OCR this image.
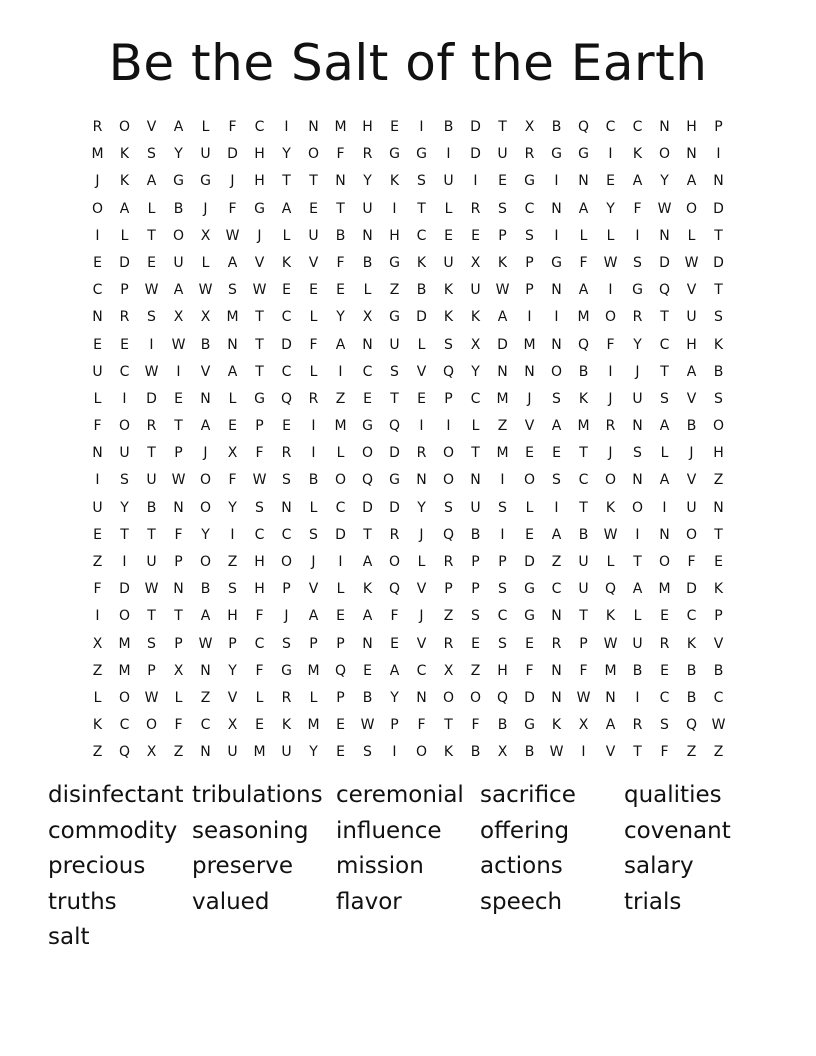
Be the Salt of the Earth
R	O	V	A	L	F	C	I	N	M	H	E	I	B	D	T	X	B	Q	C	C	N	H	P
M	K	S	Y	U	D	H	Y	O	F	R	G	G	I	D	U	R	G	G	I	K	O	N	I
J	K	A	G	G	J	H	T	T	N	Y	K	S	U	I	E	G	I	N	E	A	Y	A	N
O	A	L	B	J	F	G	A	E	T	U	I	T	L	R	S	C	N	A	Y	F	W	O	D
I	L	T	O	X	W	J	L	U	B	N	H	C	E	E	P	S	I	L	L	I	N	L	T
E	D	E	U	L	A	V	K	V	F	B	G	K	U	X	K	P	G	F	W	S	D	W	D
C	P	W	A	W	S	W	E	E	E	L	Z	B	K	U	W	P	N	A	I	G	Q	V	T
N	R	S	X	X	M	T	C	L	Y	X	G	D	K	K	A	I	I	M	O	R	T	U	S
E	E	I	W	B	N	T	D	F	A	N	U	L	S	X	D	M	N	Q	F	Y	C	H	K
U	C	W	I	V	A	T	C	L	I	C	S	V	Q	Y	N	N	O	B	I	J	T	A	B
L	I	D	E	N	L	G	Q	R	Z	E	T	E	P	C	M	J	S	K	J	U	S	V	S
F	O	R	T	A	E	P	E	I	M	G	Q	I	I	L	Z	V	A	M	R	N	A	B	O
N	U	T	P	J	X	F	R	I	L	O	D	R	O	T	M	E	E	T	J	S	L	J	H
I	S	U	W	O	F	W	S	B	O	Q	G	N	O	N	I	O	S	C	O	N	A	V	Z
U	Y	B	N	O	Y	S	N	L	C	D	D	Y	S	U	S	L	I	T	K	O	I	U	N
E	T	T	F	Y	I	C	C	S	D	T	R	J	Q	B	I	E	A	B	W	I	N	O	T
Z	I	U	P	O	Z	H	O	J	I	A	O	L	R	P	P	D	Z	U	L	T	O	F	E
F	D	W	N	B	S	H	P	V	L	K	Q	V	P	P	S	G	C	U	Q	A	M	D	K
I	O	T	T	A	H	F	J	A	E	A	F	J	Z	S	C	G	N	T	K	L	E	C	P
X	M	S	P	W	P	C	S	P	P	N	E	V	R	E	S	E	R	P	W	U	R	K	V
Z	M	P	X	N	Y	F	G	M	Q	E	A	C	X	Z	H	F	N	F	M	B	E	B	B
L	O	W	L	Z	V	L	R	L	P	B	Y	N	O	O	Q	D	N	W	N	I	C	B	C
K	C	O	F	C	X	E	K	M	E	W	P	F	T	F	B	G	K	X	A	R	S	Q	W
Z	Q	X	Z	N	U	M	U	Y	E	S	I	O	K	B	X	B	W	I	V	T	F	Z	Z
disinfectant tribulations ceremonial sacrifice	qualities
commodity seasoning	influence	offering	covenant
precious	preserve	mission	actions	salary
truths	valued	flavor	speech	trials
salt
